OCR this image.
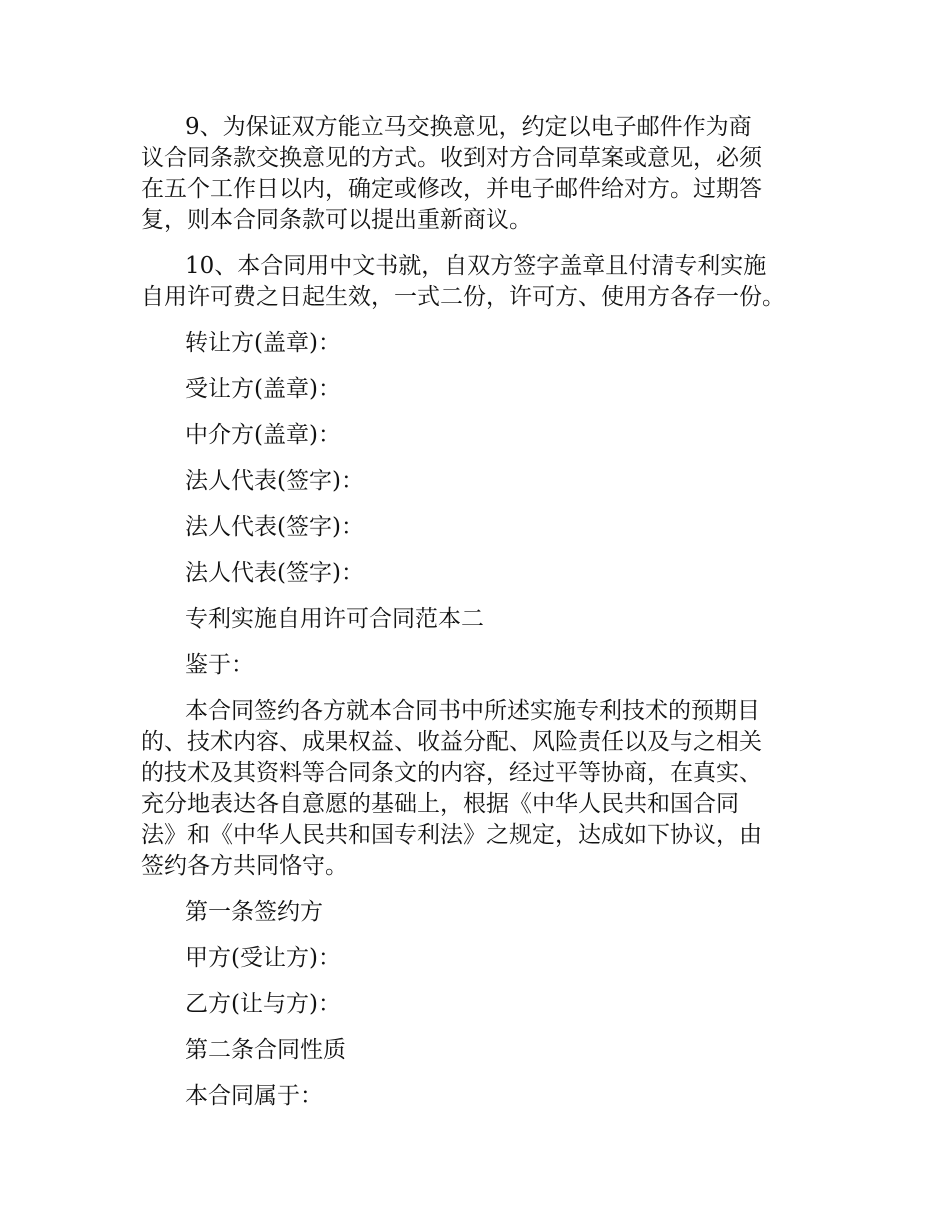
9、为保证双方能立马交换意见，约定以电子邮件作为商
议合同条款交换意见的方式。收到对方合同草案或意见，必须
在五个工作日以内，确定或修改，并电子邮件给对方。过期答
复，则本合同条款可以提出重新商议。

10、本合同用中文书就，自双方签字盖章且付清专利实施
自用许可费之日起生效，一式二份，许可方、使用方各存一份。

转让方(盖章)：

受让方(盖章)：

中介方(盖章)：

法人代表(签字)：

法人代表(签字)：

法人代表(签字)：

专利实施自用许可合同范本二

鉴于：

本合同签约各方就本合同书中所述实施专利技术的预期目
的、技术内容、成果权益、收益分配、风险责任以及与之相关
的技术及其资料等合同条文的内容，经过平等协商，在真实、
充分地表达各自意愿的基础上，根据《中华人民共和国合同
法》和《中华人民共和国专利法》之规定，达成如下协议，由
签约各方共同恪守。

第一条签约方

甲方(受让方)：

乙方(让与方)：

第二条合同性质

本合同属于：
